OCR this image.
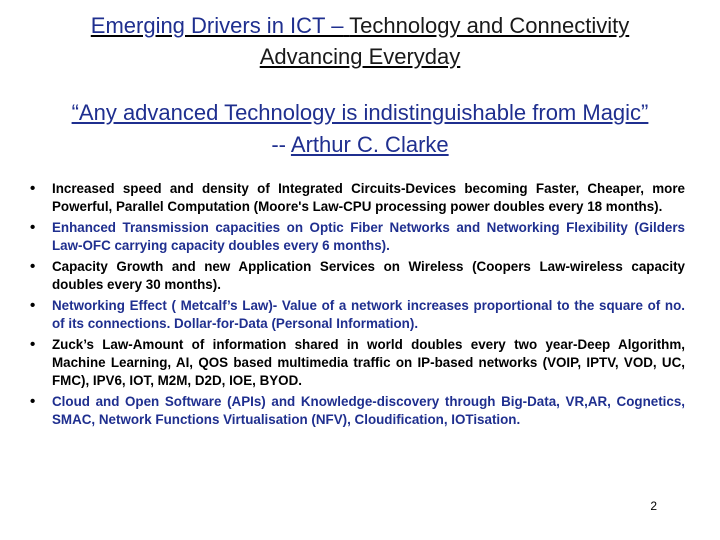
Emerging Drivers in ICT – Technology and Connectivity
Advancing Everyday
“Any advanced Technology is indistinguishable from Magic”
-- Arthur C. Clarke
• Increased speed and density of Integrated Circuits-Devices becoming Faster, Cheaper, more Powerful, Parallel Computation (Moore's Law-CPU processing power doubles every 18 months).
• Enhanced Transmission capacities on Optic Fiber Networks and Networking Flexibility (Gilders Law-OFC carrying capacity doubles every 6 months).
• Capacity Growth and new Application Services on Wireless (Coopers Law-wireless capacity doubles every 30 months).
• Networking Effect ( Metcalf’s Law)- Value of a network increases proportional to the square of no. of its connections. Dollar-for-Data (Personal Information).
• Zuck’s Law-Amount of information shared in world doubles every two year-Deep Algorithm, Machine Learning, AI, QOS based multimedia traffic on IP-based networks (VOIP, IPTV, VOD, UC, FMC), IPV6, IOT, M2M, D2D, IOE, BYOD.
• Cloud and Open Software (APIs) and Knowledge-discovery through Big-Data, VR,AR, Cognetics, SMAC, Network Functions Virtualisation (NFV), Cloudification, IOTisation.
2
